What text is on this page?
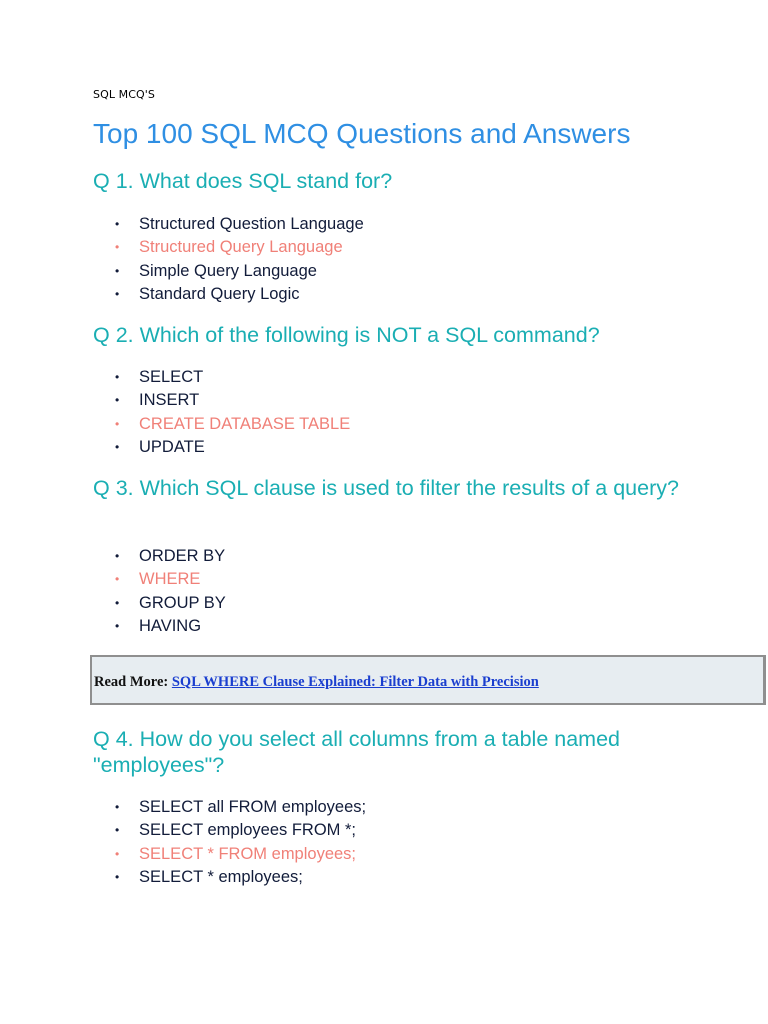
SQL MCQ'S
Top 100 SQL MCQ Questions and Answers
Q 1. What does SQL stand for?
• Structured Question Language
• Structured Query Language
• Simple Query Language
• Standard Query Logic
Q 2. Which of the following is NOT a SQL command?
• SELECT
• INSERT
• CREATE DATABASE TABLE
• UPDATE
Q 3. Which SQL clause is used to filter the results of a query?
• ORDER BY
• WHERE
• GROUP BY
• HAVING
Read More: SQL WHERE Clause Explained: Filter Data with Precision
Q 4. How do you select all columns from a table named "employees"?
• SELECT all FROM employees;
• SELECT employees FROM *;
• SELECT * FROM employees;
• SELECT * employees;
